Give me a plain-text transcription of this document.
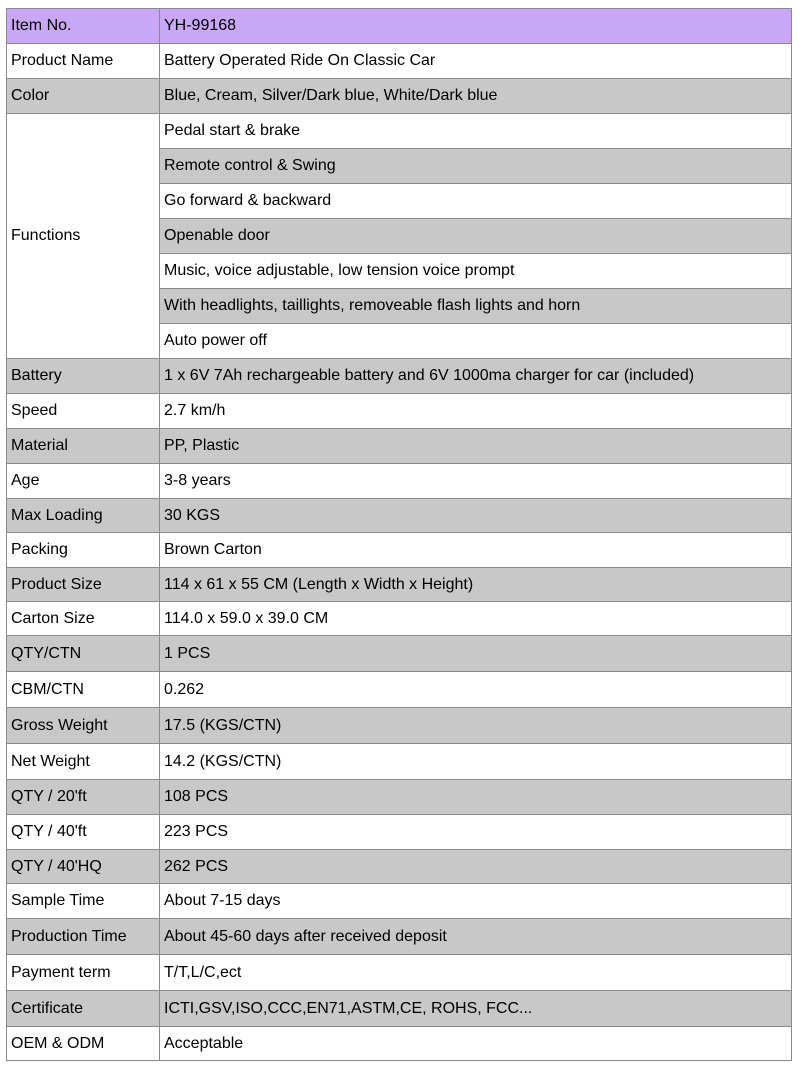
Item No.	YH-99168
Product Name	Battery Operated Ride On Classic Car
Color	Blue, Cream, Silver/Dark blue, White/Dark blue
Functions	Pedal start & brake
	Remote control & Swing
	Go forward & backward
	Openable door
	Music, voice adjustable, low tension voice prompt
	With headlights, taillights, removeable flash lights and horn
	Auto power off
Battery	1 x 6V 7Ah rechargeable battery and 6V 1000ma charger for car (included)
Speed	2.7 km/h
Material	PP, Plastic
Age	3-8 years
Max Loading	30 KGS
Packing	Brown Carton
Product Size	114 x 61 x 55 CM (Length x Width x Height)
Carton Size	114.0 x 59.0 x 39.0 CM
QTY/CTN	1 PCS
CBM/CTN	0.262
Gross Weight	17.5 (KGS/CTN)
Net Weight	14.2 (KGS/CTN)
QTY / 20'ft	108 PCS
QTY / 40'ft	223 PCS
QTY / 40'HQ	262 PCS
Sample Time	About 7-15 days
Production Time	About 45-60 days after received deposit
Payment term	T/T,L/C,ect
Certificate	ICTI,GSV,ISO,CCC,EN71,ASTM,CE, ROHS, FCC...
OEM & ODM	Acceptable
